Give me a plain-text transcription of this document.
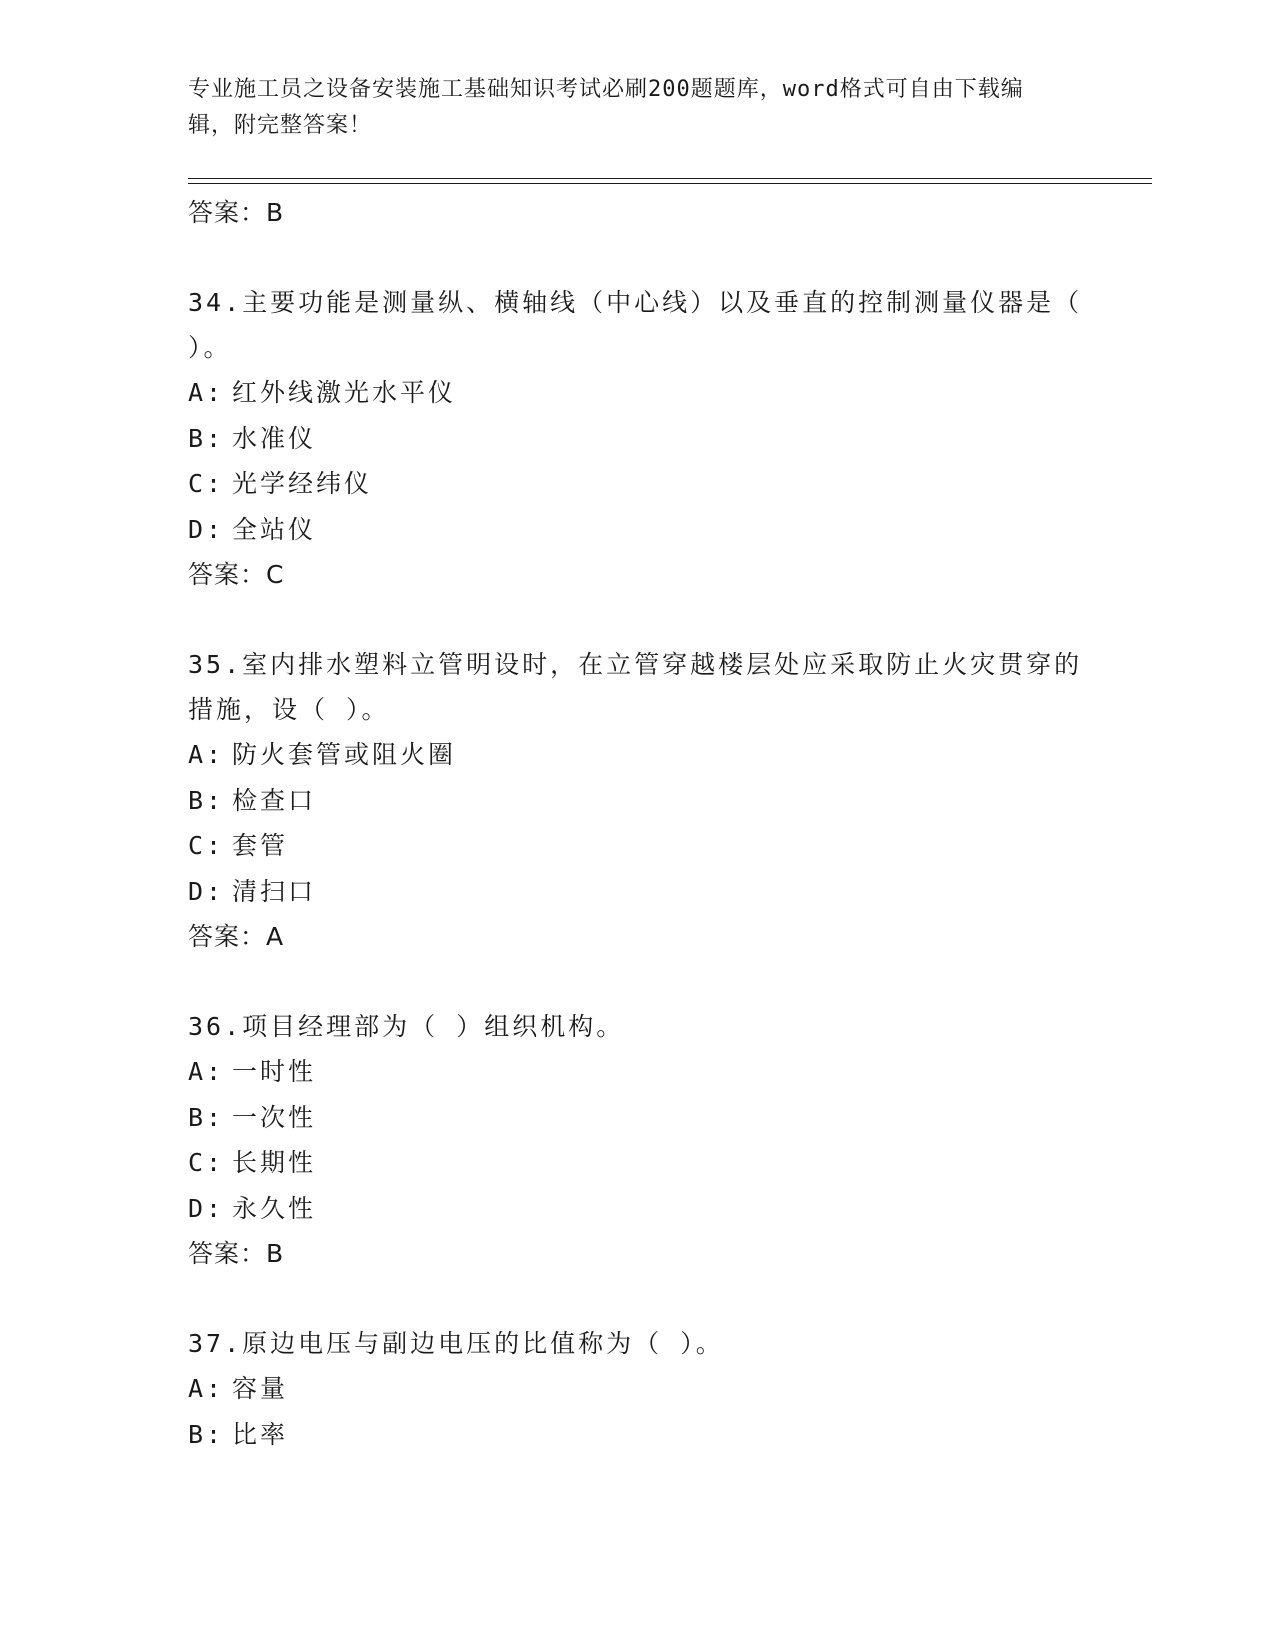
专业施工员之设备安装施工基础知识考试必刷200题题库，word格式可自由下载编辑，附完整答案！
答案：B
34.主要功能是测量纵、横轴线（中心线）以及垂直的控制测量仪器是（ ）。
A: 红外线激光水平仪
B: 水准仪
C: 光学经纬仪
D: 全站仪
答案：C
35.室内排水塑料立管明设时，在立管穿越楼层处应采取防止火灾贯穿的措施，设（ ）。
A: 防火套管或阻火圈
B: 检查口
C: 套管
D: 清扫口
答案：A
36.项目经理部为（ ）组织机构。
A: 一时性
B: 一次性
C: 长期性
D: 永久性
答案：B
37.原边电压与副边电压的比值称为（ ）。
A: 容量
B: 比率
